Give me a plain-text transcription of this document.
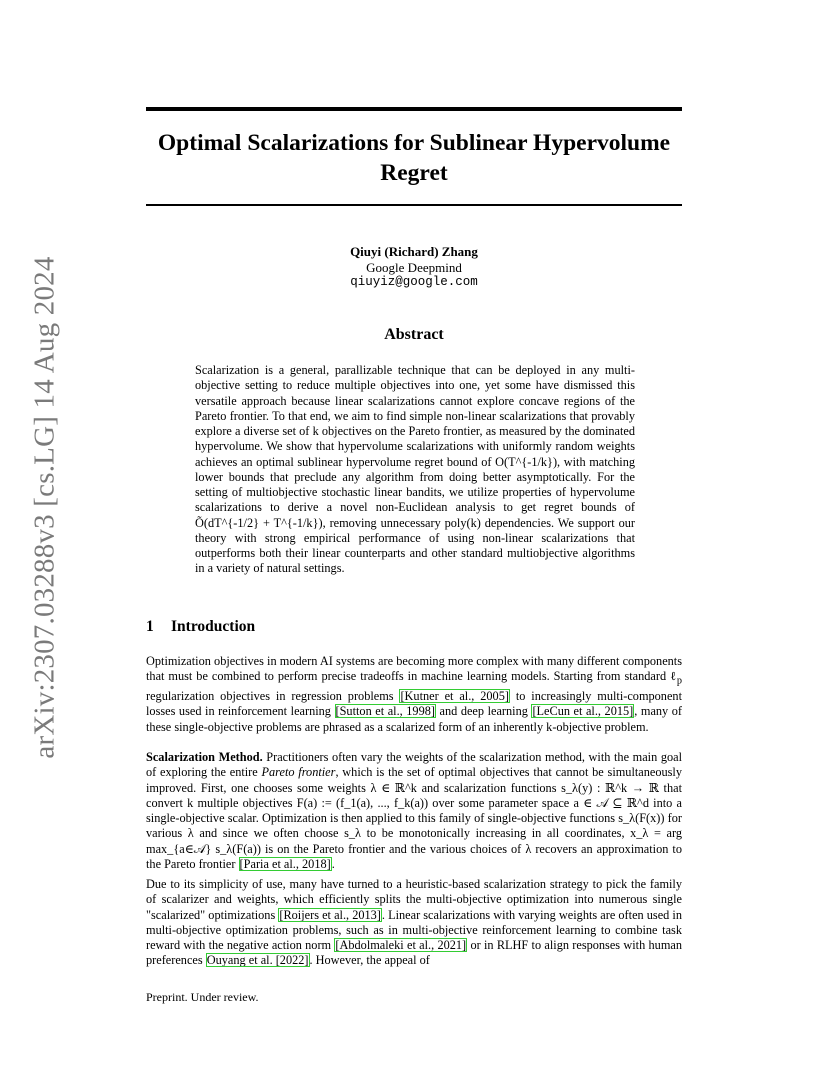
arXiv:2307.03288v3 [cs.LG] 14 Aug 2024
Optimal Scalarizations for Sublinear Hypervolume Regret
Qiuyi (Richard) Zhang
Google Deepmind
qiuyiz@google.com
Abstract
Scalarization is a general, parallizable technique that can be deployed in any multi-objective setting to reduce multiple objectives into one, yet some have dismissed this versatile approach because linear scalarizations cannot explore concave regions of the Pareto frontier. To that end, we aim to find simple non-linear scalarizations that provably explore a diverse set of k objectives on the Pareto frontier, as measured by the dominated hypervolume. We show that hypervolume scalarizations with uniformly random weights achieves an optimal sublinear hypervolume regret bound of O(T^{-1/k}), with matching lower bounds that preclude any algorithm from doing better asymptotically. For the setting of multiobjective stochastic linear bandits, we utilize properties of hypervolume scalarizations to derive a novel non-Euclidean analysis to get regret bounds of Õ(dT^{-1/2} + T^{-1/k}), removing unnecessary poly(k) dependencies. We support our theory with strong empirical performance of using non-linear scalarizations that outperforms both their linear counterparts and other standard multiobjective algorithms in a variety of natural settings.
1 Introduction
Optimization objectives in modern AI systems are becoming more complex with many different components that must be combined to perform precise tradeoffs in machine learning models. Starting from standard ℓ$_p$ regularization objectives in regression problems [Kutner et al., 2005] to increasingly multi-component losses used in reinforcement learning [Sutton et al., 1998] and deep learning [LeCun et al., 2015], many of these single-objective problems are phrased as a scalarized form of an inherently k-objective problem.
Scalarization Method. Practitioners often vary the weights of the scalarization method, with the main goal of exploring the entire Pareto frontier, which is the set of optimal objectives that cannot be simultaneously improved. First, one chooses some weights λ ∈ ℝ^k and scalarization functions s_λ(y) : ℝ^k → ℝ that convert k multiple objectives F(a) := (f_1(a), ..., f_k(a)) over some parameter space a ∈ 𝒜 ⊆ ℝ^d into a single-objective scalar. Optimization is then applied to this family of single-objective functions s_λ(F(x)) for various λ and since we often choose s_λ to be monotonically increasing in all coordinates, x_λ = arg max_{a∈𝒜} s_λ(F(a)) is on the Pareto frontier and the various choices of λ recovers an approximation to the Pareto frontier [Paria et al., 2018].
Due to its simplicity of use, many have turned to a heuristic-based scalarization strategy to pick the family of scalarizer and weights, which efficiently splits the multi-objective optimization into numerous single "scalarized" optimizations [Roijers et al., 2013]. Linear scalarizations with varying weights are often used in multi-objective optimization problems, such as in multi-objective reinforcement learning to combine task reward with the negative action norm [Abdolmaleki et al., 2021] or in RLHF to align responses with human preferences Ouyang et al. [2022]. However, the appeal of
Preprint. Under review.
